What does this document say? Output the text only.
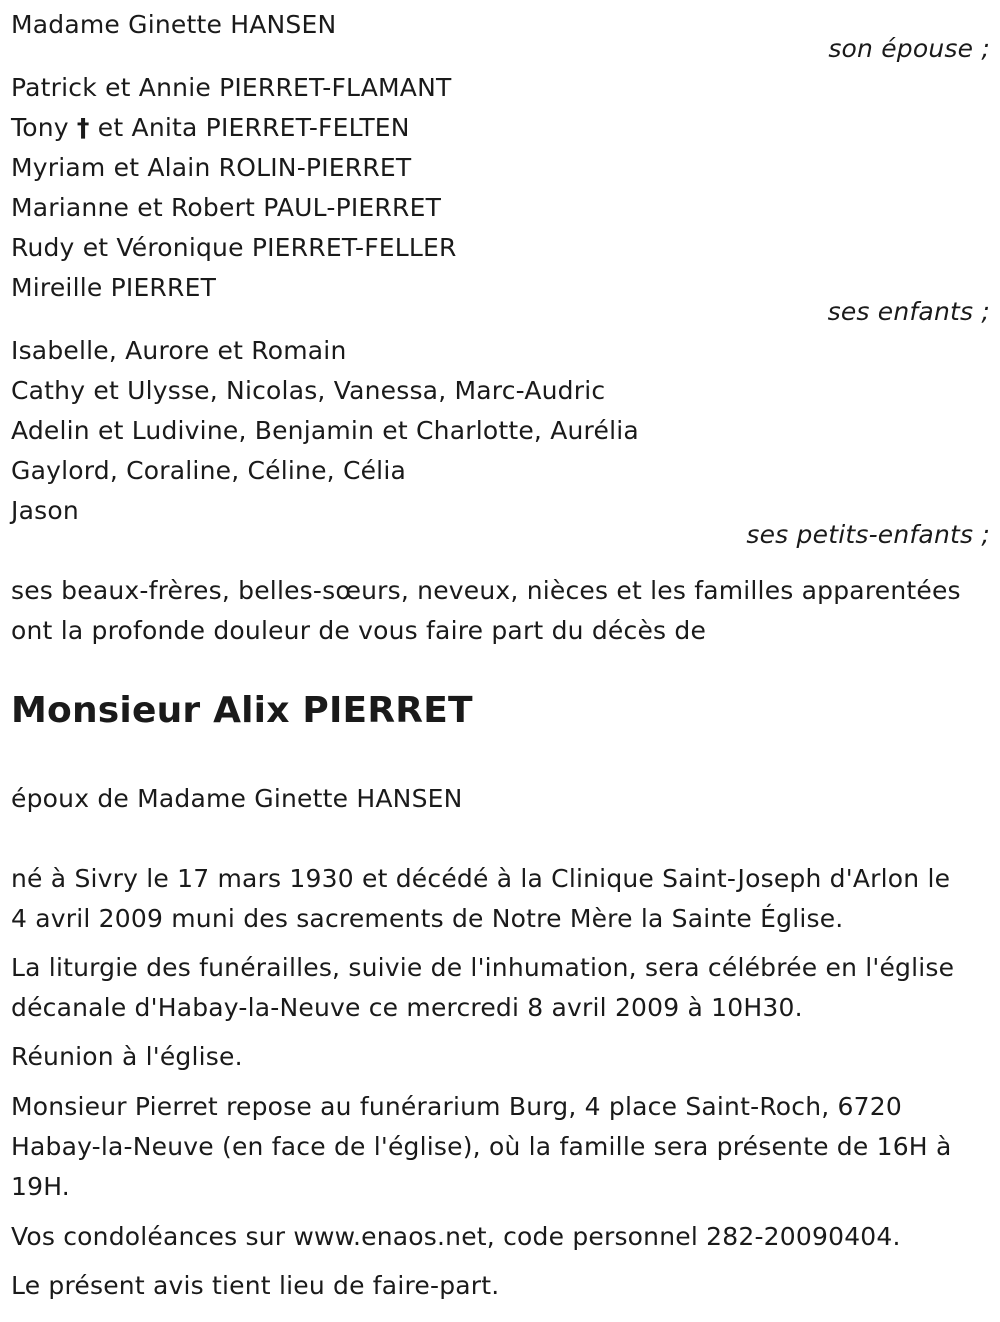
Madame Ginette HANSEN
son épouse ;
Patrick et Annie PIERRET-FLAMANT
Tony † et Anita PIERRET-FELTEN
Myriam et Alain ROLIN-PIERRET
Marianne et Robert PAUL-PIERRET
Rudy et Véronique PIERRET-FELLER
Mireille PIERRET
ses enfants ;
Isabelle, Aurore et Romain
Cathy et Ulysse, Nicolas, Vanessa, Marc-Audric
Adelin et Ludivine, Benjamin et Charlotte, Aurélia
Gaylord, Coraline, Céline, Célia
Jason
ses petits-enfants ;
ses beaux-frères, belles-sœurs, neveux, nièces et les familles apparentées
ont la profonde douleur de vous faire part du décès de
Monsieur Alix PIERRET
époux de Madame Ginette HANSEN
né à Sivry le 17 mars 1930 et décédé à la Clinique Saint-Joseph d'Arlon le
4 avril 2009 muni des sacrements de Notre Mère la Sainte Église.
La liturgie des funérailles, suivie de l'inhumation, sera célébrée en l'église
décanale d'Habay-la-Neuve ce mercredi 8 avril 2009 à 10H30.
Réunion à l'église.
Monsieur Pierret repose au funérarium Burg, 4 place Saint-Roch, 6720
Habay-la-Neuve (en face de l'église), où la famille sera présente de 16H à
19H.
Vos condoléances sur www.enaos.net, code personnel 282-20090404.
Le présent avis tient lieu de faire-part.
